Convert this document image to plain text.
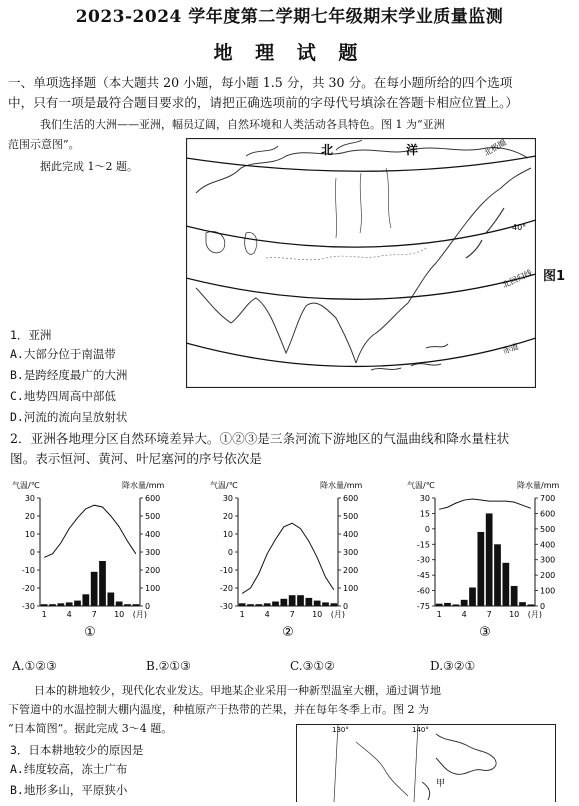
2023-2024 学年度第二学期七年级期末学业质量监测
地 理 试 题
一、单项选择题（本大题共 20 小题，每小题 1.5 分，共 30 分。在每小题所给的四个选项
中，只有一项是最符合题目要求的，请把正确选项前的字母代号填涂在答题卡相应位置上。）
我们生活的大洲——亚洲，幅员辽阔，自然环境和人类活动各具特色。图 1 为“亚洲
范围示意图”。
据此完成 1～2 题。
北	洋	北极圈
40°
北回归线
赤道
图1
1．亚洲
A.大部分位于南温带
B.是跨经度最广的大洲
C.地势四周高中部低
D.河流的流向呈放射状
2．亚洲各地理分区自然环境差异大。①②③是三条河流下游地区的气温曲线和降水量柱状
图。表示恒河、黄河、叶尼塞河的序号依次是
气温/℃	降水量/mm
30
20
10
0
-10
-20
-30
600
500
400
300
200
100
0
1 4 7 10 (月)
①
气温/℃	降水量/mm
30
20
10
0
-10
-20
-30
600
500
400
300
200
100
0
1 4 7 10 (月)
②
气温/℃	降水量/mm
30
15
0
-15
-30
-45
-60
-75
700
600
500
400
300
200
100
0
1 4 7 10 (月)
③
A.①②③	B.②①③	C.③①②	D.③②①
日本的耕地较少，现代化农业发达。甲地某企业采用一种新型温室大棚，通过调节地
下管道中的水温控制大棚内温度，种植原产于热带的芒果，并在每年冬季上市。图 2 为
“日本简图”。据此完成 3～4 题。	130°	140°
甲
3．日本耕地较少的原因是
A.纬度较高，冻土广布
B.地形多山，平原狭小
